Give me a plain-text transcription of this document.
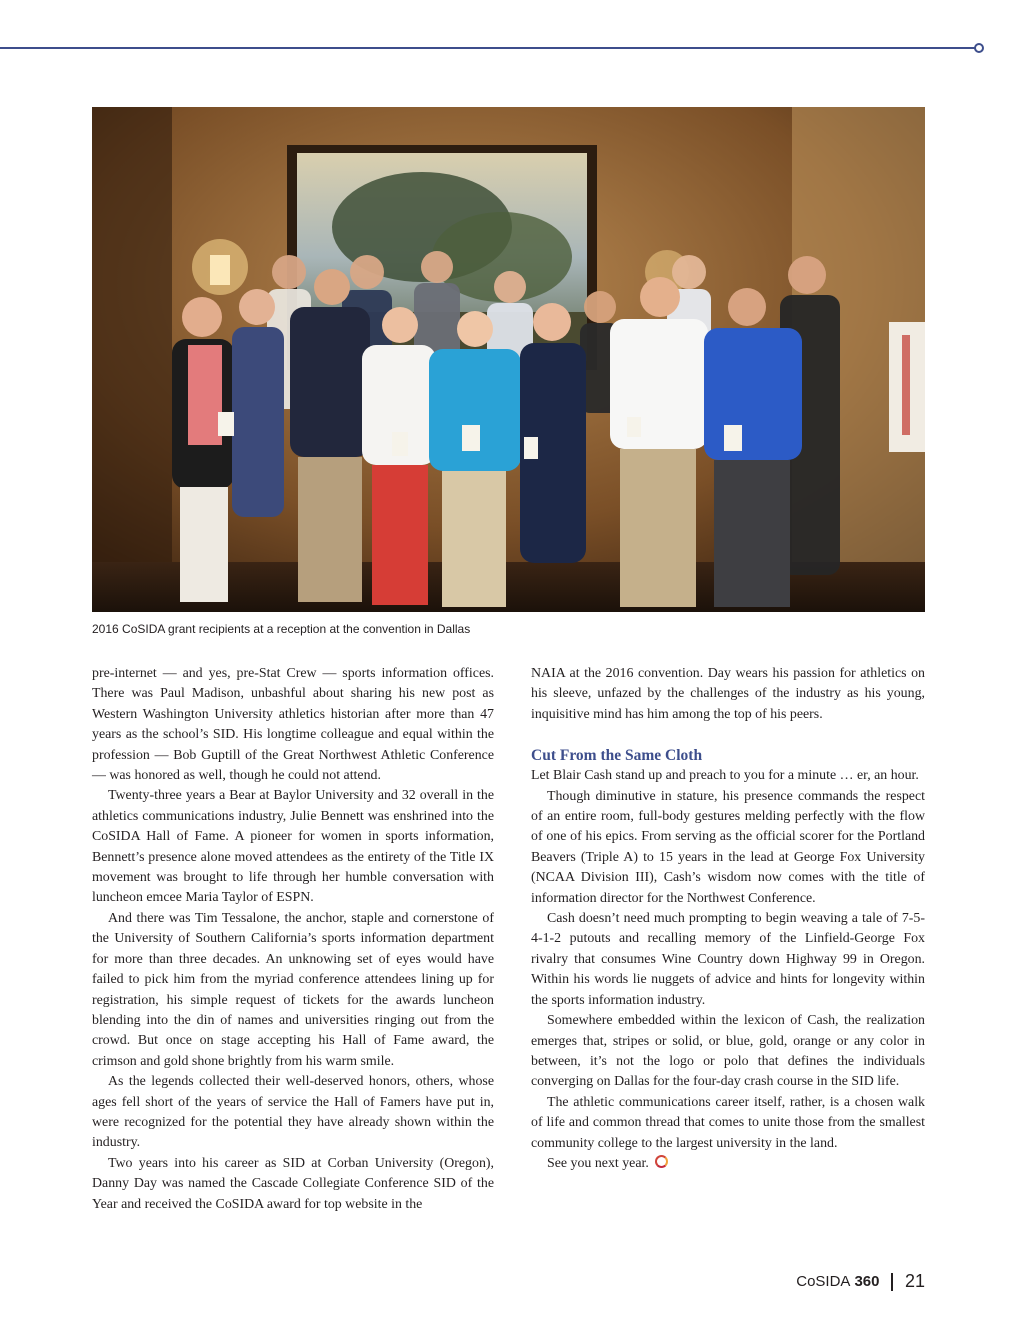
2016 CoSIDA grant recipients at a reception at the convention in Dallas

pre-internet — and yes, pre-Stat Crew — sports information offices. There was Paul Madison, unbashful about sharing his new post as Western Washington University athletics historian after more than 47 years as the school’s SID. His longtime colleague and equal within the profession — Bob Guptill of the Great Northwest Athletic Conference — was honored as well, though he could not attend.

Twenty-three years a Bear at Baylor University and 32 overall in the athletics communications industry, Julie Bennett was enshrined into the CoSIDA Hall of Fame. A pioneer for women in sports information, Bennett’s presence alone moved attendees as the entirety of the Title IX movement was brought to life through her humble conversation with luncheon emcee Maria Taylor of ESPN.

And there was Tim Tessalone, the anchor, staple and cornerstone of the University of Southern California’s sports information department for more than three decades. An unknowing set of eyes would have failed to pick him from the myriad conference attendees lining up for registration, his simple request of tickets for the awards luncheon blending into the din of names and universities ringing out from the crowd. But once on stage accepting his Hall of Fame award, the crimson and gold shone brightly from his warm smile.

As the legends collected their well-deserved honors, others, whose ages fell short of the years of service the Hall of Famers have put in, were recognized for the potential they have already shown within the industry.

Two years into his career as SID at Corban University (Oregon), Danny Day was named the Cascade Collegiate Conference SID of the Year and received the CoSIDA award for top website in the

NAIA at the 2016 convention. Day wears his passion for athletics on his sleeve, unfazed by the challenges of the industry as his young, inquisitive mind has him among the top of his peers.

Cut From the Same Cloth

Let Blair Cash stand up and preach to you for a minute … er, an hour.

Though diminutive in stature, his presence commands the respect of an entire room, full-body gestures melding perfectly with the flow of one of his epics. From serving as the official scorer for the Portland Beavers (Triple A) to 15 years in the lead at George Fox University (NCAA Division III), Cash’s wisdom now comes with the title of information director for the Northwest Conference.

Cash doesn’t need much prompting to begin weaving a tale of 7-5-4-1-2 putouts and recalling memory of the Linfield-George Fox rivalry that consumes Wine Country down Highway 99 in Oregon. Within his words lie nuggets of advice and hints for longevity within the sports information industry.

Somewhere embedded within the lexicon of Cash, the realization emerges that, stripes or solid, or blue, gold, orange or any color in between, it’s not the logo or polo that defines the individuals converging on Dallas for the four-day crash course in the SID life.

The athletic communications career itself, rather, is a chosen walk of life and common thread that comes to unite those from the smallest community college to the largest university in the land.

See you next year.

CoSIDA 360 21
